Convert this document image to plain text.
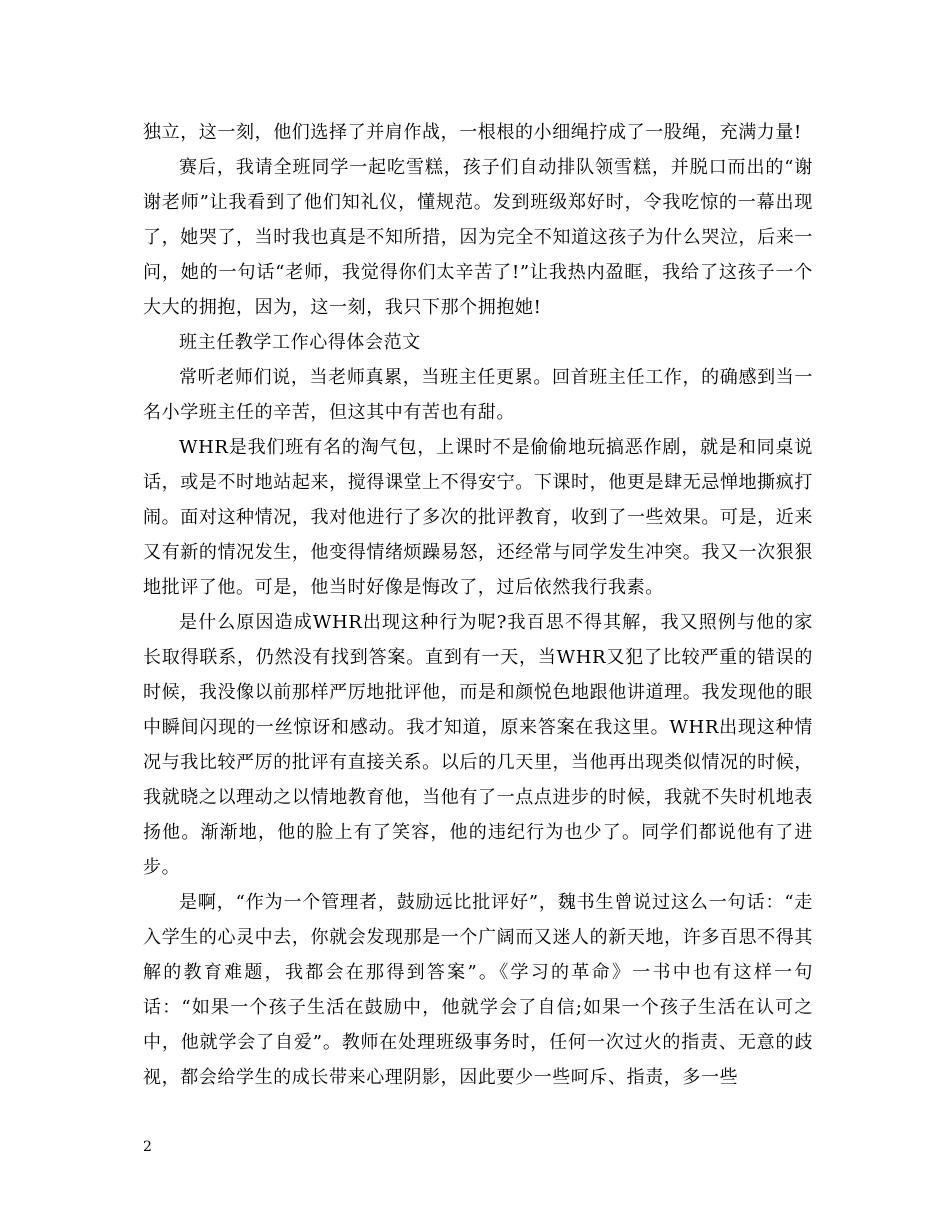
独立，这一刻，他们选择了并肩作战，一根根的小细绳拧成了一股绳，充满力量!

赛后，我请全班同学一起吃雪糕，孩子们自动排队领雪糕，并脱口而出的“谢谢老师”让我看到了他们知礼仪，懂规范。发到班级郑好时，令我吃惊的一幕出现了，她哭了，当时我也真是不知所措，因为完全不知道这孩子为什么哭泣，后来一问，她的一句话“老师，我觉得你们太辛苦了!”让我热内盈眶，我给了这孩子一个大大的拥抱，因为，这一刻，我只下那个拥抱她!

班主任教学工作心得体会范文

常听老师们说，当老师真累，当班主任更累。回首班主任工作，的确感到当一名小学班主任的辛苦，但这其中有苦也有甜。

WHR是我们班有名的淘气包，上课时不是偷偷地玩搞恶作剧，就是和同桌说话，或是不时地站起来，搅得课堂上不得安宁。下课时，他更是肆无忌惮地撕疯打闹。面对这种情况，我对他进行了多次的批评教育，收到了一些效果。可是，近来又有新的情况发生，他变得情绪烦躁易怒，还经常与同学发生冲突。我又一次狠狠地批评了他。可是，他当时好像是悔改了，过后依然我行我素。

是什么原因造成WHR出现这种行为呢?我百思不得其解，我又照例与他的家长取得联系，仍然没有找到答案。直到有一天，当WHR又犯了比较严重的错误的时候，我没像以前那样严厉地批评他，而是和颜悦色地跟他讲道理。我发现他的眼中瞬间闪现的一丝惊讶和感动。我才知道，原来答案在我这里。WHR出现这种情况与我比较严厉的批评有直接关系。以后的几天里，当他再出现类似情况的时候，我就晓之以理动之以情地教育他，当他有了一点点进步的时候，我就不失时机地表扬他。渐渐地，他的脸上有了笑容，他的违纪行为也少了。同学们都说他有了进步。

是啊，“作为一个管理者，鼓励远比批评好”，魏书生曾说过这么一句话：“走入学生的心灵中去，你就会发现那是一个广阔而又迷人的新天地，许多百思不得其解的教育难题，我都会在那得到答案”。《学习的革命》一书中也有这样一句话：“如果一个孩子生活在鼓励中，他就学会了自信;如果一个孩子生活在认可之中，他就学会了自爱”。教师在处理班级事务时，任何一次过火的指责、无意的歧视，都会给学生的成长带来心理阴影，因此要少一些呵斥、指责，多一些

2
